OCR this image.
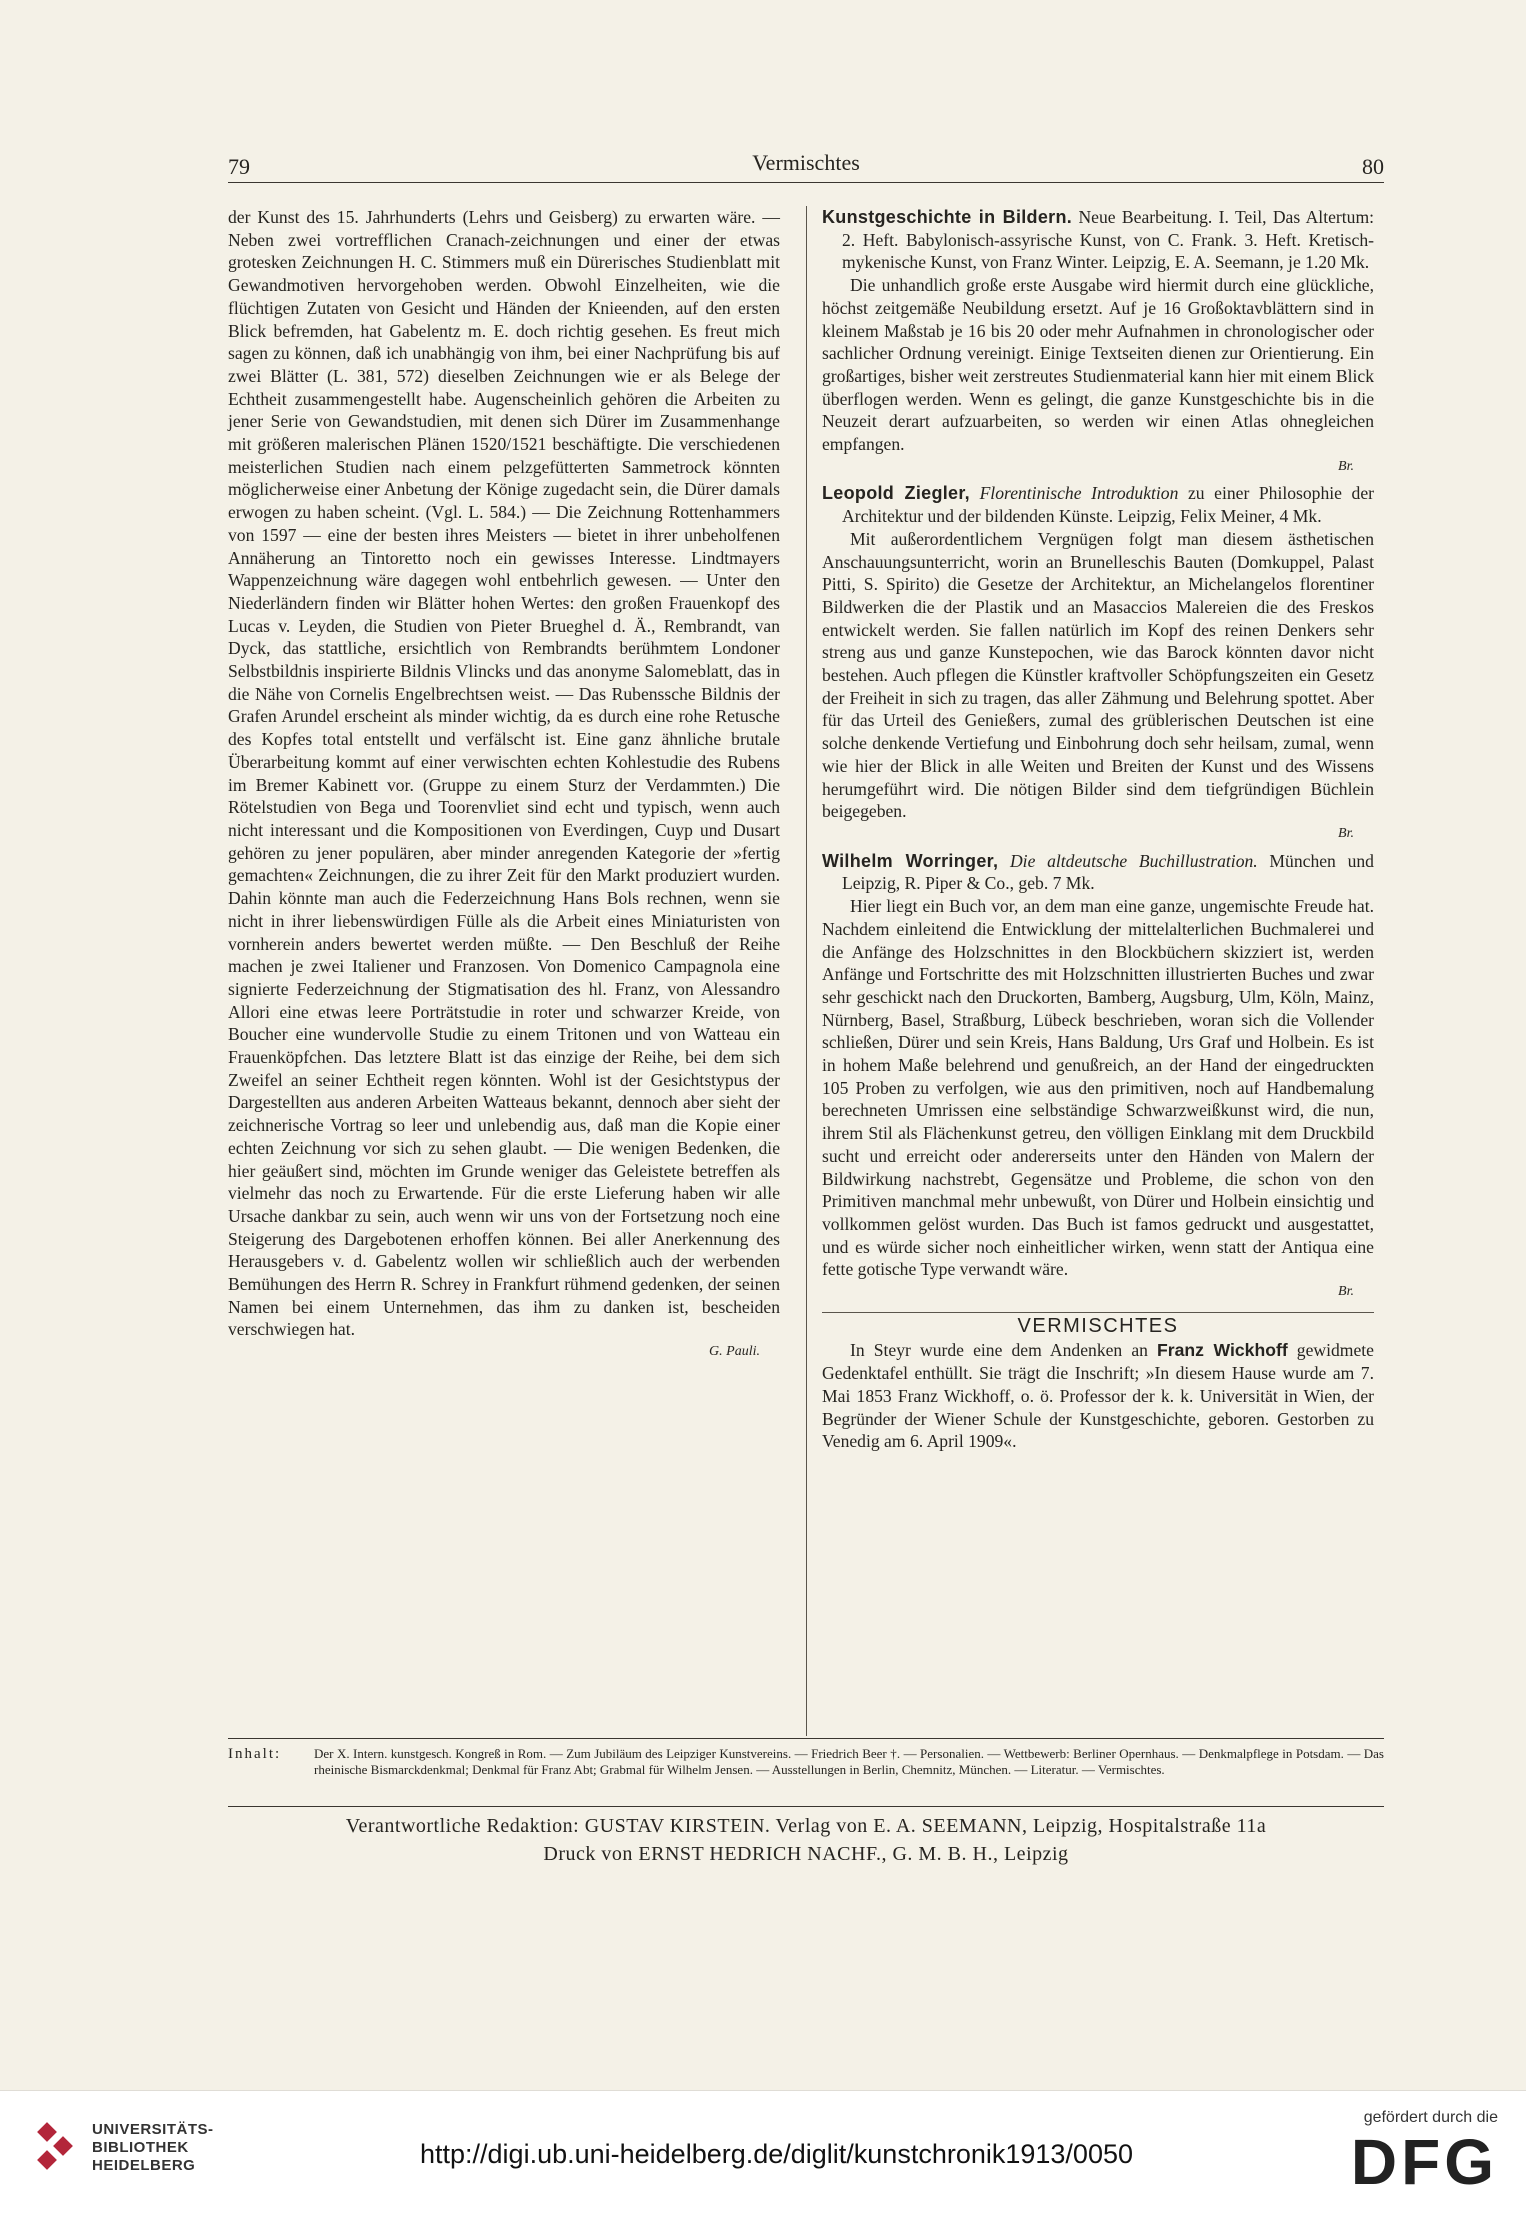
79	Vermischtes	80

der Kunst des 15. Jahrhunderts (Lehrs und Geisberg) zu erwarten wäre. — Neben zwei vortrefflichen Cranach-zeichnungen und einer der etwas grotesken Zeichnungen H. C. Stimmers muß ein Dürerisches Studienblatt mit Gewandmotiven hervorgehoben werden. Obwohl Einzelheiten, wie die flüchtigen Zutaten von Gesicht und Händen der Knieenden, auf den ersten Blick befremden, hat Gabelentz m. E. doch richtig gesehen. Es freut mich sagen zu können, daß ich unabhängig von ihm, bei einer Nachprüfung bis auf zwei Blätter (L. 381, 572) dieselben Zeichnungen wie er als Belege der Echtheit zusammengestellt habe. Augenscheinlich gehören die Arbeiten zu jener Serie von Gewandstudien, mit denen sich Dürer im Zusammenhange mit größeren malerischen Plänen 1520/1521 beschäftigte. Die verschiedenen meisterlichen Studien nach einem pelzgefütterten Sammetrock könnten möglicherweise einer Anbetung der Könige zugedacht sein, die Dürer damals erwogen zu haben scheint. (Vgl. L. 584.) — Die Zeichnung Rottenhammers von 1597 — eine der besten ihres Meisters — bietet in ihrer unbeholfenen Annäherung an Tintoretto noch ein gewisses Interesse. Lindtmayers Wappenzeichnung wäre dagegen wohl entbehrlich gewesen. — Unter den Niederländern finden wir Blätter hohen Wertes: den großen Frauenkopf des Lucas v. Leyden, die Studien von Pieter Brueghel d. Ä., Rembrandt, van Dyck, das stattliche, ersichtlich von Rembrandts berühmtem Londoner Selbstbildnis inspirierte Bildnis Vlincks und das anonyme Salomeblatt, das in die Nähe von Cornelis Engelbrechtsen weist. — Das Rubenssche Bildnis der Grafen Arundel erscheint als minder wichtig, da es durch eine rohe Retusche des Kopfes total entstellt und verfälscht ist. Eine ganz ähnliche brutale Überarbeitung kommt auf einer verwischten echten Kohlestudie des Rubens im Bremer Kabinett vor. (Gruppe zu einem Sturz der Verdammten.) Die Rötelstudien von Bega und Toorenvliet sind echt und typisch, wenn auch nicht interessant und die Kompositionen von Everdingen, Cuyp und Dusart gehören zu jener populären, aber minder anregenden Kategorie der »fertig gemachten« Zeichnungen, die zu ihrer Zeit für den Markt produziert wurden. Dahin könnte man auch die Federzeichnung Hans Bols rechnen, wenn sie nicht in ihrer liebenswürdigen Fülle als die Arbeit eines Miniaturisten von vornherein anders bewertet werden müßte. — Den Beschluß der Reihe machen je zwei Italiener und Franzosen. Von Domenico Campagnola eine signierte Federzeichnung der Stigmatisation des hl. Franz, von Alessandro Allori eine etwas leere Porträtstudie in roter und schwarzer Kreide, von Boucher eine wundervolle Studie zu einem Tritonen und von Watteau ein Frauenköpfchen. Das letztere Blatt ist das einzige der Reihe, bei dem sich Zweifel an seiner Echtheit regen könnten. Wohl ist der Gesichtstypus der Dargestellten aus anderen Arbeiten Watteaus bekannt, dennoch aber sieht der zeichnerische Vortrag so leer und unlebendig aus, daß man die Kopie einer echten Zeichnung vor sich zu sehen glaubt. — Die wenigen Bedenken, die hier geäußert sind, möchten im Grunde weniger das Geleistete betreffen als vielmehr das noch zu Erwartende. Für die erste Lieferung haben wir alle Ursache dankbar zu sein, auch wenn wir uns von der Fortsetzung noch eine Steigerung des Dargebotenen erhoffen können. Bei aller Anerkennung des Herausgebers v. d. Gabelentz wollen wir schließlich auch der werbenden Bemühungen des Herrn R. Schrey in Frankfurt rühmend gedenken, der seinen Namen bei einem Unternehmen, das ihm zu danken ist, bescheiden verschwiegen hat.

G. Pauli.

Kunstgeschichte in Bildern. Neue Bearbeitung. I. Teil, Das Altertum: 2. Heft. Babylonisch-assyrische Kunst, von C. Frank. 3. Heft. Kretisch-mykenische Kunst, von Franz Winter. Leipzig, E. A. Seemann, je 1.20 Mk.

Die unhandlich große erste Ausgabe wird hiermit durch eine glückliche, höchst zeitgemäße Neubildung ersetzt. Auf je 16 Großoktavblättern sind in kleinem Maßstab je 16 bis 20 oder mehr Aufnahmen in chronologischer oder sachlicher Ordnung vereinigt. Einige Textseiten dienen zur Orientierung. Ein großartiges, bisher weit zerstreutes Studienmaterial kann hier mit einem Blick überflogen werden. Wenn es gelingt, die ganze Kunstgeschichte bis in die Neuzeit derart aufzuarbeiten, so werden wir einen Atlas ohnegleichen empfangen.

Br.

Leopold Ziegler, Florentinische Introduktion zu einer Philosophie der Architektur und der bildenden Künste. Leipzig, Felix Meiner, 4 Mk.

Mit außerordentlichem Vergnügen folgt man diesem ästhetischen Anschauungsunterricht, worin an Brunelleschis Bauten (Domkuppel, Palast Pitti, S. Spirito) die Gesetze der Architektur, an Michelangelos florentiner Bildwerken die der Plastik und an Masaccios Malereien die des Freskos entwickelt werden. Sie fallen natürlich im Kopf des reinen Denkers sehr streng aus und ganze Kunstepochen, wie das Barock könnten davor nicht bestehen. Auch pflegen die Künstler kraftvoller Schöpfungszeiten ein Gesetz der Freiheit in sich zu tragen, das aller Zähmung und Belehrung spottet. Aber für das Urteil des Genießers, zumal des grüblerischen Deutschen ist eine solche denkende Vertiefung und Einbohrung doch sehr heilsam, zumal, wenn wie hier der Blick in alle Weiten und Breiten der Kunst und des Wissens herumgeführt wird. Die nötigen Bilder sind dem tiefgründigen Büchlein beigegeben.

Br.

Wilhelm Worringer, Die altdeutsche Buchillustration. München und Leipzig, R. Piper & Co., geb. 7 Mk.

Hier liegt ein Buch vor, an dem man eine ganze, ungemischte Freude hat. Nachdem einleitend die Entwicklung der mittelalterlichen Buchmalerei und die Anfänge des Holzschnittes in den Blockbüchern skizziert ist, werden Anfänge und Fortschritte des mit Holzschnitten illustrierten Buches und zwar sehr geschickt nach den Druckorten, Bamberg, Augsburg, Ulm, Köln, Mainz, Nürnberg, Basel, Straßburg, Lübeck beschrieben, woran sich die Vollender schließen, Dürer und sein Kreis, Hans Baldung, Urs Graf und Holbein. Es ist in hohem Maße belehrend und genußreich, an der Hand der eingedruckten 105 Proben zu verfolgen, wie aus den primitiven, noch auf Handbemalung berechneten Umrissen eine selbständige Schwarzweißkunst wird, die nun, ihrem Stil als Flächenkunst getreu, den völligen Einklang mit dem Druckbild sucht und erreicht oder andererseits unter den Händen von Malern der Bildwirkung nachstrebt, Gegensätze und Probleme, die schon von den Primitiven manchmal mehr unbewußt, von Dürer und Holbein einsichtig und vollkommen gelöst wurden. Das Buch ist famos gedruckt und ausgestattet, und es würde sicher noch einheitlicher wirken, wenn statt der Antiqua eine fette gotische Type verwandt wäre.

Br.

VERMISCHTES

In Steyr wurde eine dem Andenken an Franz Wickhoff gewidmete Gedenktafel enthüllt. Sie trägt die Inschrift; »In diesem Hause wurde am 7. Mai 1853 Franz Wickhoff, o. ö. Professor der k. k. Universität in Wien, der Begründer der Wiener Schule der Kunstgeschichte, geboren. Gestorben zu Venedig am 6. April 1909«.

Inhalt:	Der X. Intern. kunstgesch. Kongreß in Rom. — Zum Jubiläum des Leipziger Kunstvereins. — Friedrich Beer †. — Personalien. — Wettbewerb: Berliner Opernhaus. — Denkmalpflege in Potsdam. — Das rheinische Bismarckdenkmal; Denkmal für Franz Abt; Grabmal für Wilhelm Jensen. — Ausstellungen in Berlin, Chemnitz, München. — Literatur. — Vermischtes.
Verantwortliche Redaktion: GUSTAV KIRSTEIN. Verlag von E. A. SEEMANN, Leipzig, Hospitalstraße 11a
Druck von ERNST HEDRICH NACHF., G. M. B. H., Leipzig
UNIVERSITÄTS-
BIBLIOTHEK
HEIDELBERG	http://digi.ub.uni-heidelberg.de/diglit/kunstchronik1913/0050
gefördert durch die
DFG
